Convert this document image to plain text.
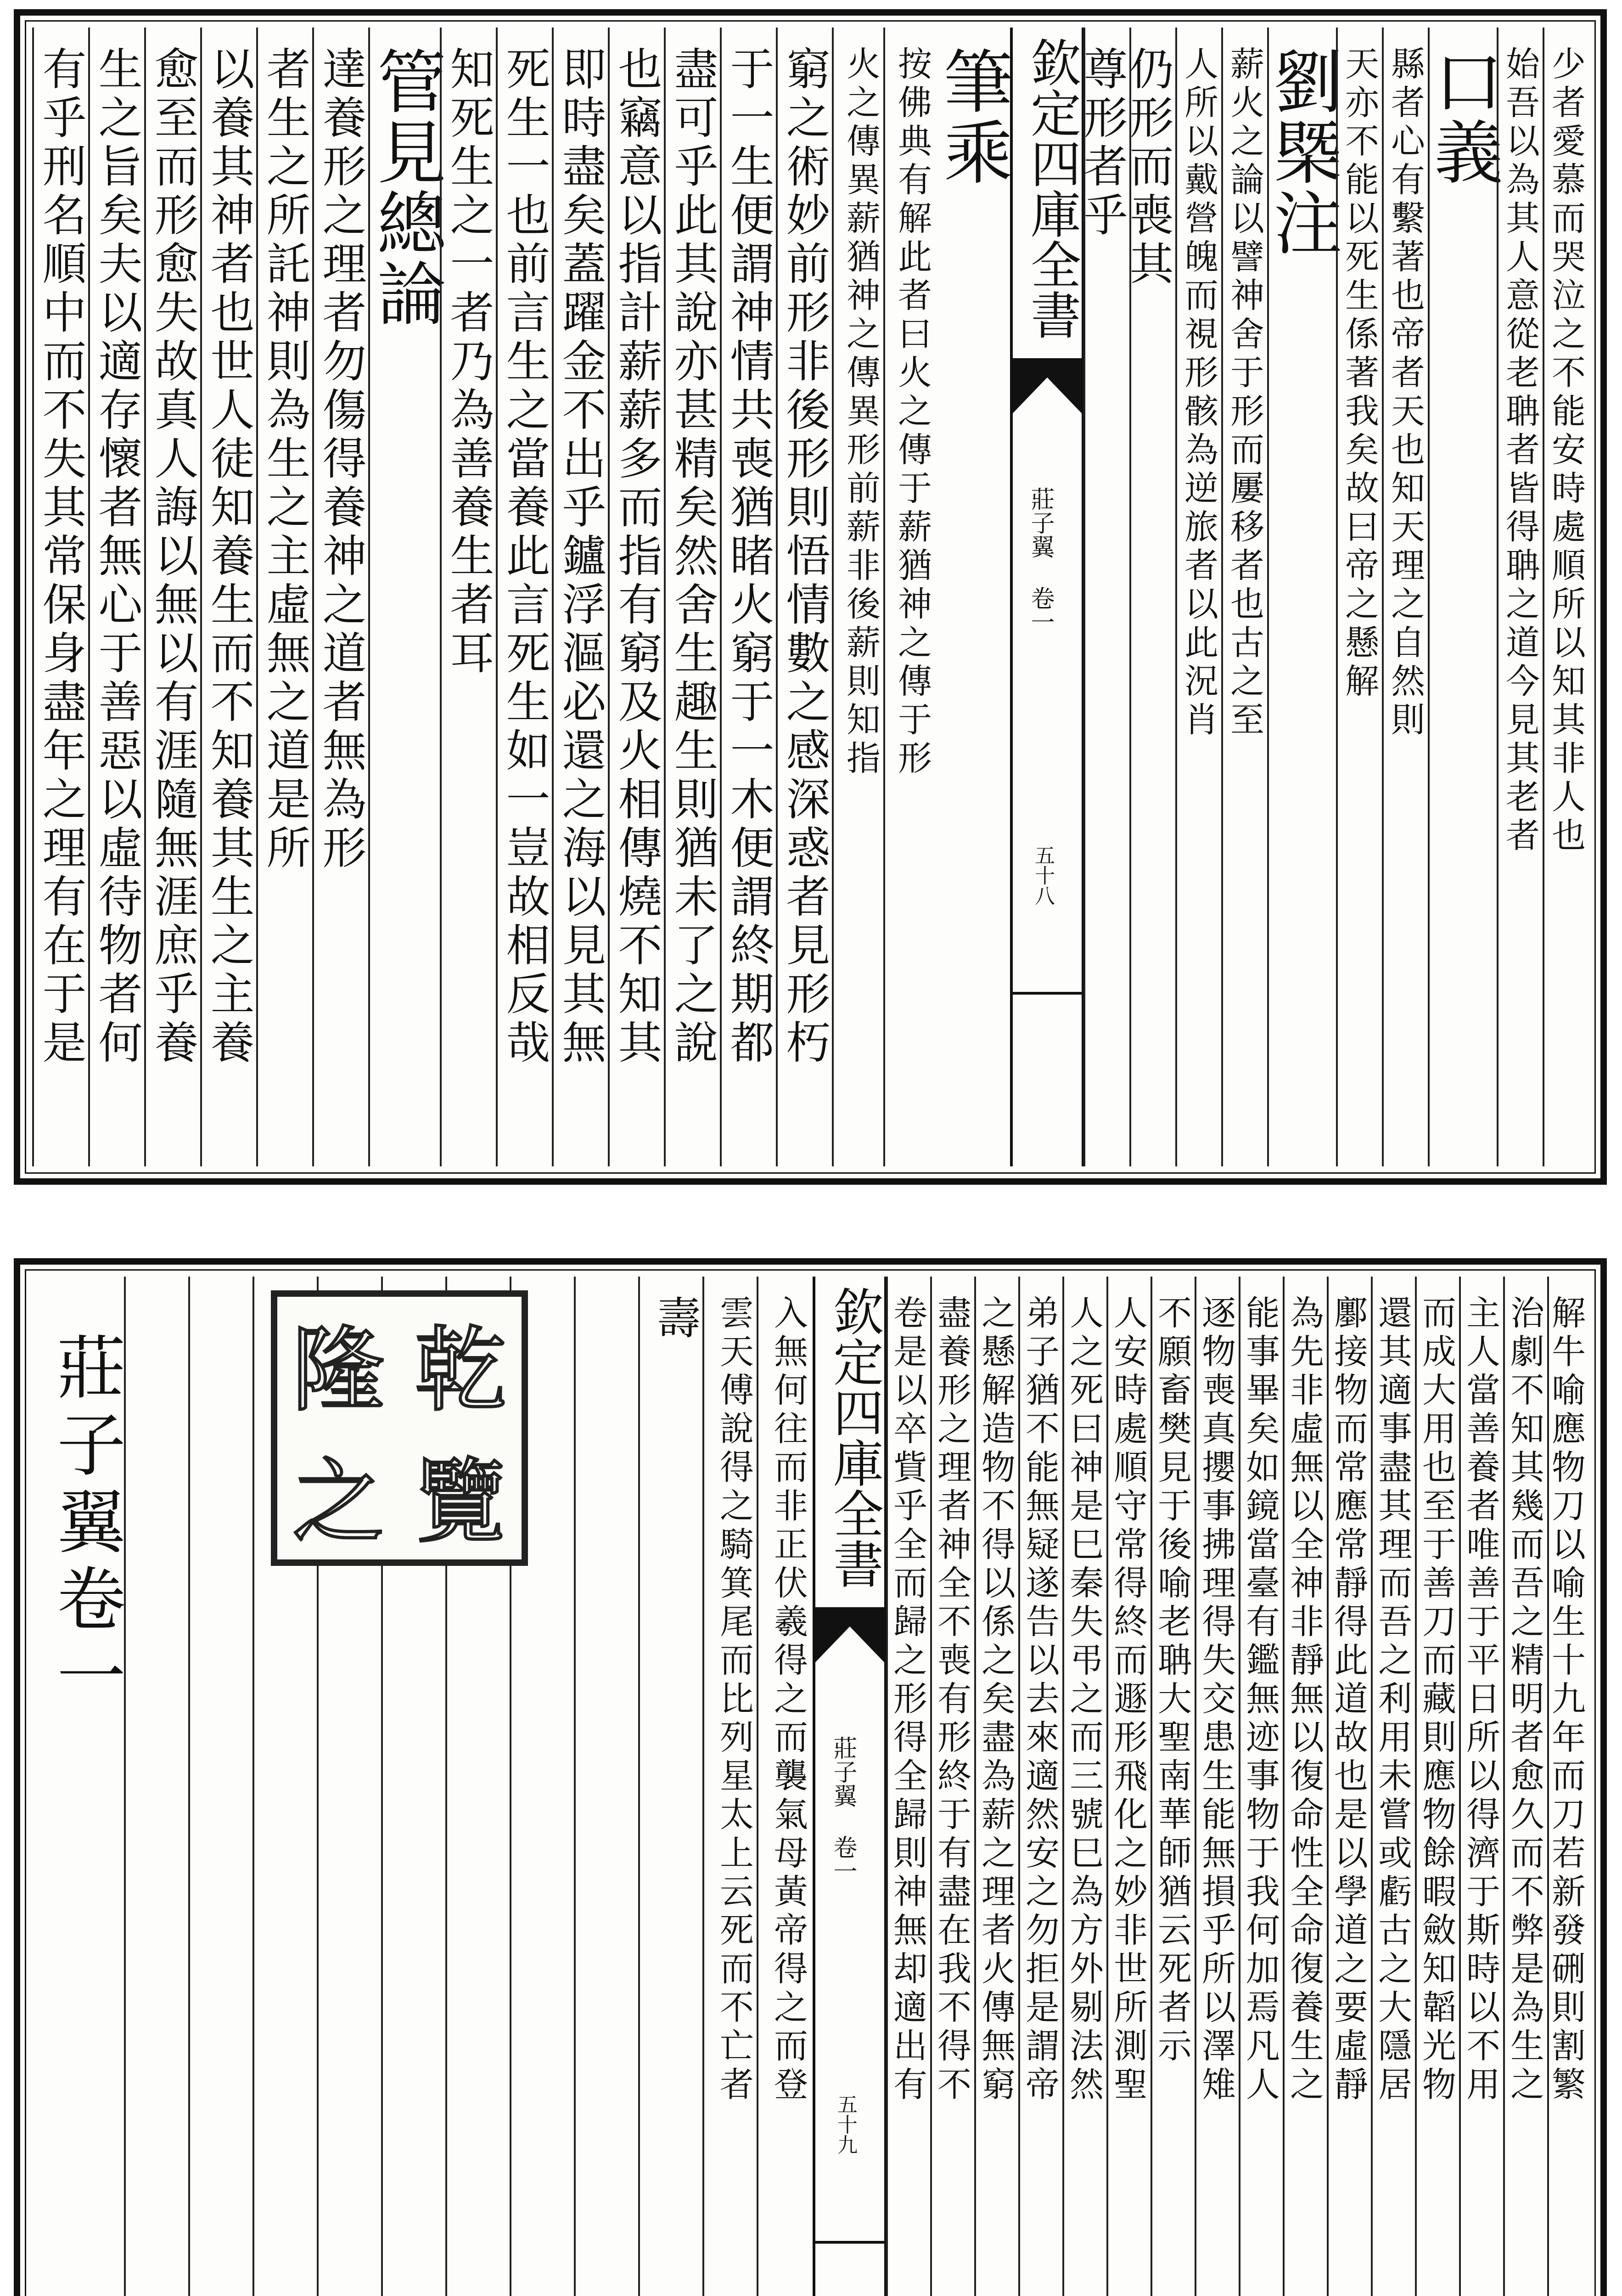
有乎刑名順中而不失其常保身盡年之理有在于是 生之旨矣夫以適存懷者無心于善惡以虛待物者何 愈至而形愈失故真人誨以無以有涯隨無涯庶乎養 以養其神者也世人徒知養生而不知養其生之主養 者生之所託神則為生之主虛無之道是所 達養形之理者勿傷得養神之道者無為形
管見總論
知死生之一者乃為善養生者耳 死生一也前言生之當養此言死生如一豈故相反哉 即時盡矣蓋躍金不出乎鑪浮漚必還之海以見其無 也竊意以指計薪薪多而指有窮及火相傳燒不知其 盡可乎此其說亦甚精矣然舍生趣生則猶未了之說 于一生便謂神情共喪猶睹火窮于一木便謂終期都 窮之術妙前形非後形則悟情數之感深惑者見形朽 火之傳異薪猶神之傳異形前薪非後薪則知指 按佛典有解此者曰火之傳于薪猶神之傳于形 筆乘 欽定四庫全書
莊子翼 卷一
五十八
尊形者乎
仍形而喪其 人所以戴營魄而視形骸為逆旅者以此況肖 薪火之論以譬神舍于形而屢移者也古之至
劉槩注
天亦不能以死生係著我矣故曰帝之懸解 縣者心有繫著也帝者天也知天理之自然則
口義
始吾以為其人意從老聃者皆得聃之道今見其老者 少者愛慕而哭泣之不能安時處順所以知其非人也
莊子翼卷一 隆 乾
之 覽
壽 雲天傅說得之騎箕尾而比列星太上云死而不亡者 入無何往而非正伏羲得之而襲氣母黃帝得之而登 欽定四庫全書
莊子翼 卷一
五十九
卷是以卒貲乎全而歸之形得全歸則神無却適出有 盡養形之理者神全不喪有形終于有盡在我不得不 之懸解造物不得以係之矣盡為薪之理者火傳無窮 弟子猶不能無疑遂告以去來適然安之勿拒是謂帝 人之死曰神是巳秦失弔之而三號巳為方外剔法然 人安時處順守常得終而遯形飛化之妙非世所測聖 不願畜樊見于後喻老聃大聖南華師猶云死者示 逐物喪真攖事拂理得失交患生能無損乎所以澤雉 能事畢矣如鏡當臺有鑑無迹事物于我何加焉凡人 為先非虛無以全神非靜無以復命性全命復養生之 鄽接物而常應常靜得此道故也是以學道之要虛靜 還其適事盡其理而吾之利用未嘗或虧古之大隱居 而成大用也至于善刀而藏則應物餘暇斂知韜光物 主人當善養者唯善于平日所以得濟于斯時以不用 治劇不知其幾而吾之精明者愈久而不弊是為生之 解牛喻應物刀以喻生十九年而刀若新發硎則割繁
